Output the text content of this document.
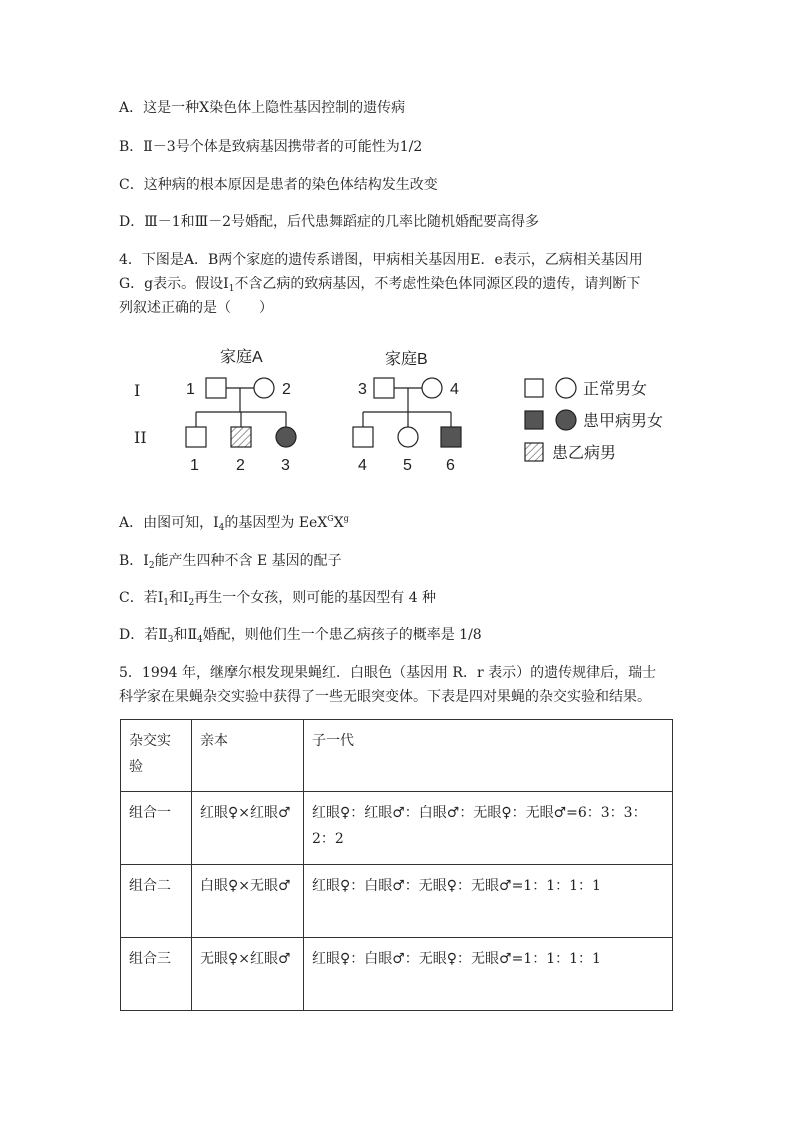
A．这是一种X染色体上隐性基因控制的遗传病
B．Ⅱ－3号个体是致病基因携带者的可能性为1/2
C．这种病的根本原因是患者的染色体结构发生改变
D．Ⅲ－1和Ⅲ－2号婚配，后代患舞蹈症的几率比随机婚配要高得多
4．下图是A．B两个家庭的遗传系谱图，甲病相关基因用E．e表示，乙病相关基因用
G．g表示。假设$Ⅰ_1$不含乙病的致病基因，不考虑性染色体同源区段的遗传，请判断下
列叙述正确的是（　　）
家庭A	家庭B
I
II
1	2
1 2 3
3	4
4 5 6
正常男女
患甲病男女
患乙病男
A．由图可知，$Ⅰ_4$的基因型为 $EeX^GX^g$
B．$Ⅰ_2$能产生四种不含 E 基因的配子
C．若$Ⅰ_1$和$Ⅰ_2$再生一个女孩，则可能的基因型有 4 种
D．若$Ⅱ_3$和$Ⅱ_4$婚配，则他们生一个患乙病孩子的概率是 1/8
5．1994 年，继摩尔根发现果蝇红．白眼色（基因用 R．r 表示）的遗传规律后，瑞士
科学家在果蝇杂交实验中获得了一些无眼突变体。下表是四对果蝇的杂交实验和结果。
杂交实验	亲本	子一代
组合一	红眼♀×红眼♂	红眼♀：红眼♂：白眼♂：无眼♀：无眼♂=6：3：3：2：2
组合二	白眼♀×无眼♂	红眼♀：白眼♂：无眼♀：无眼♂=1：1：1：1
组合三	无眼♀×红眼♂	红眼♀：白眼♂：无眼♀：无眼♂=1：1：1：1
